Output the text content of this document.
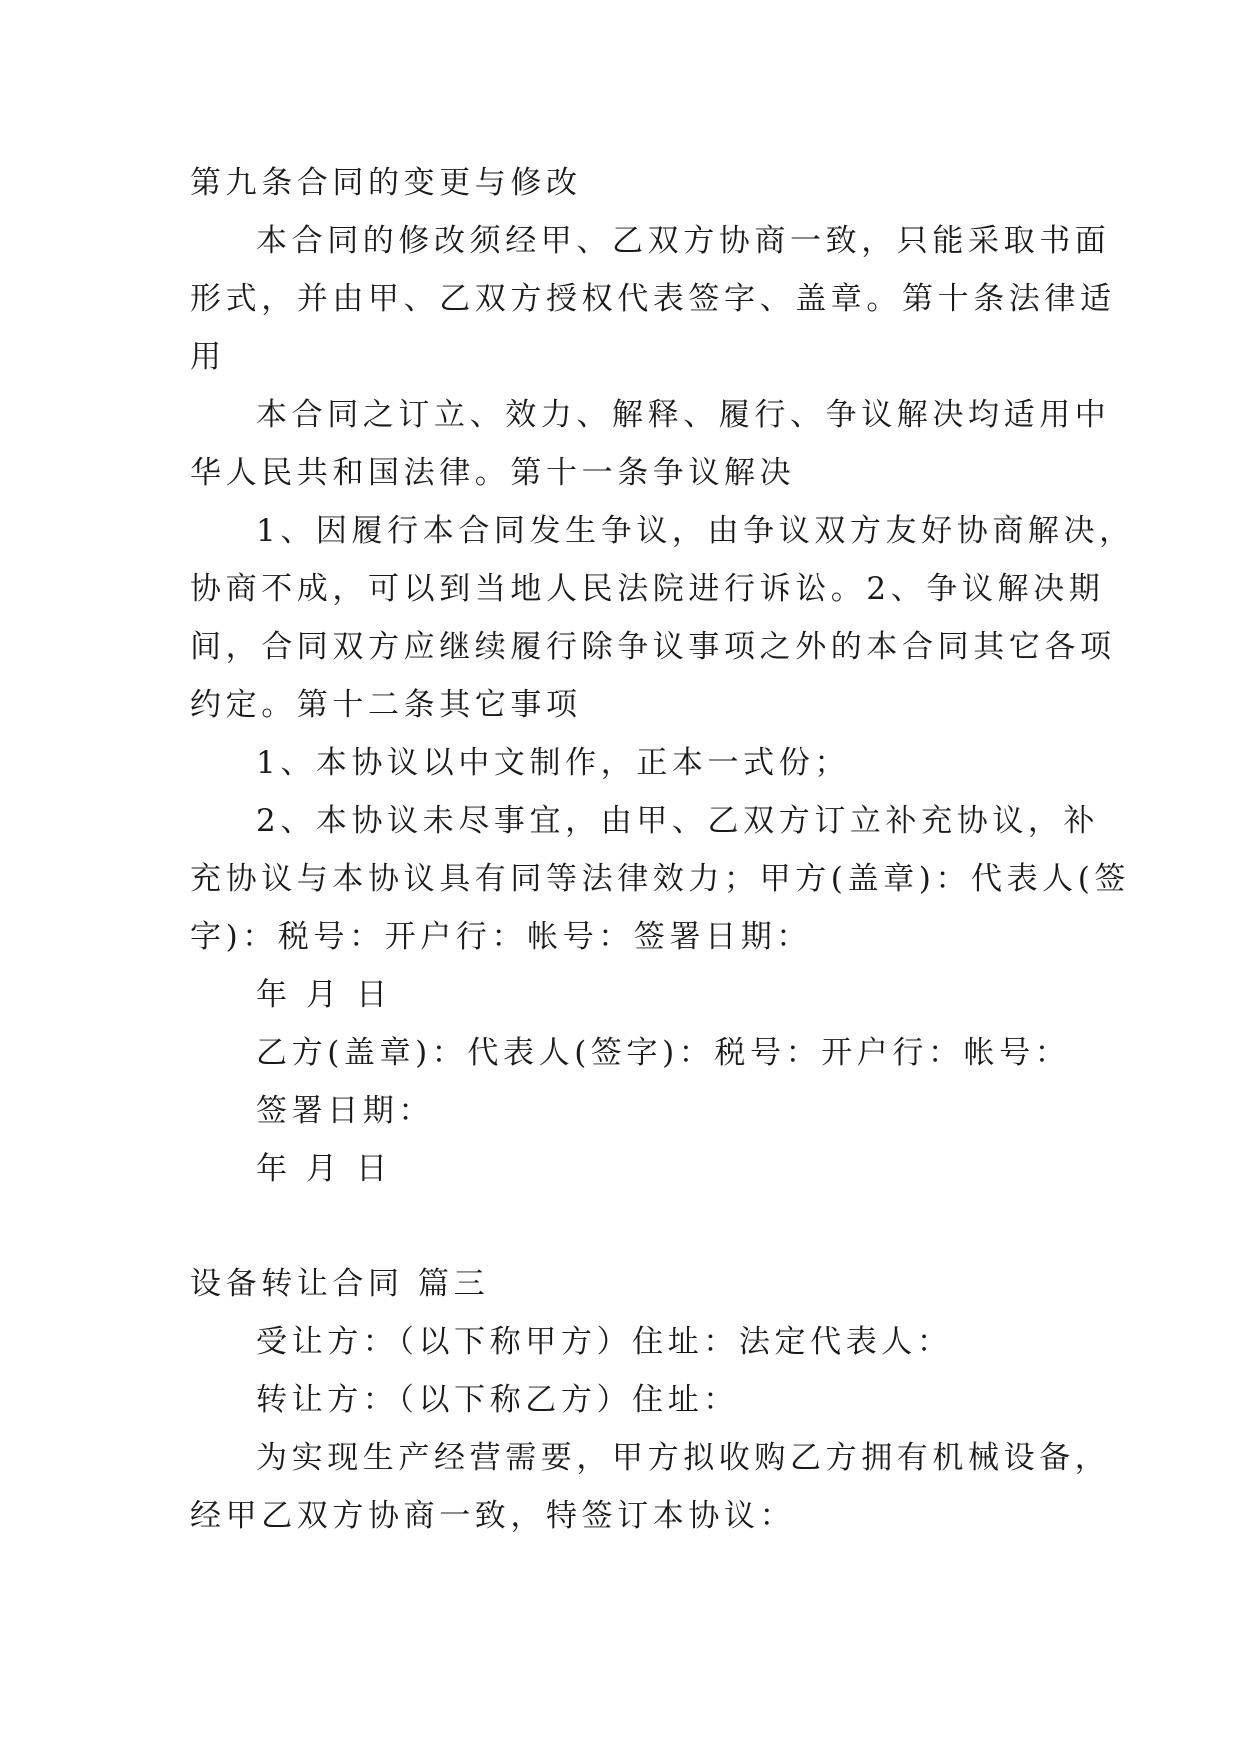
第九条合同的变更与修改
本合同的修改须经甲、乙双方协商一致，只能采取书面
形式，并由甲、乙双方授权代表签字、盖章。第十条法律适
用
本合同之订立、效力、解释、履行、争议解决均适用中
华人民共和国法律。第十一条争议解决
1、因履行本合同发生争议，由争议双方友好协商解决，
协商不成，可以到当地人民法院进行诉讼。2、争议解决期
间，合同双方应继续履行除争议事项之外的本合同其它各项
约定。第十二条其它事项
1、本协议以中文制作，正本一式份；
2、本协议未尽事宜，由甲、乙双方订立补充协议，补
充协议与本协议具有同等法律效力；甲方(盖章)：代表人(签
字)：税号：开户行：帐号：签署日期：
年 月 日
乙方(盖章)：代表人(签字)：税号：开户行：帐号：
签署日期：
年 月 日
设备转让合同 篇三
受让方：（以下称甲方）住址：法定代表人：
转让方：（以下称乙方）住址：
为实现生产经营需要，甲方拟收购乙方拥有机械设备，
经甲乙双方协商一致，特签订本协议：
